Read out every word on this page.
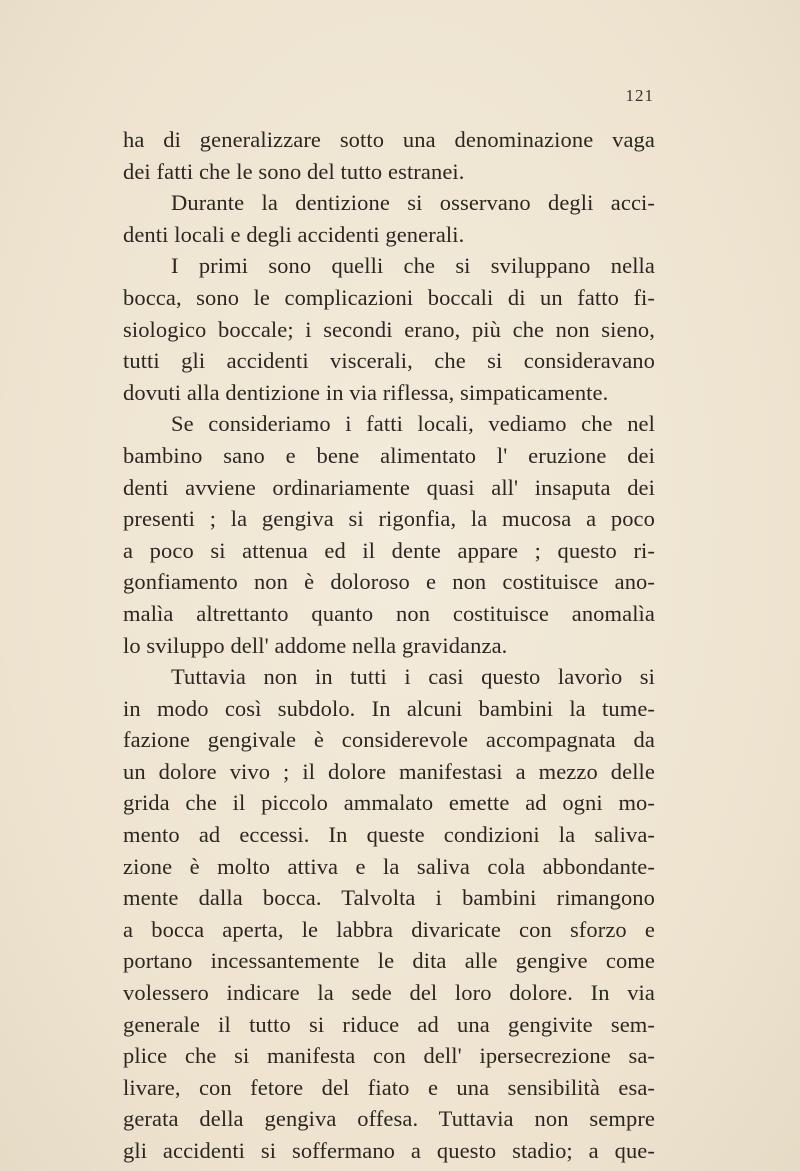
121
ha di generalizzare sotto una denominazione vaga
dei fatti che le sono del tutto estranei.
Durante la dentizione si osservano degli acci-
denti locali e degli accidenti generali.
I primi sono quelli che si sviluppano nella
bocca, sono le complicazioni boccali di un fatto fi-
siologico boccale; i secondi erano, più che non sieno,
tutti gli accidenti viscerali, che si consideravano
dovuti alla dentizione in via riflessa, simpaticamente.
Se consideriamo i fatti locali, vediamo che nel
bambino sano e bene alimentato l' eruzione dei
denti avviene ordinariamente quasi all' insaputa dei
presenti ; la gengiva si rigonfia, la mucosa a poco
a poco si attenua ed il dente appare ; questo ri-
gonfiamento non è doloroso e non costituisce ano-
malìa altrettanto quanto non costituisce anomalìa
lo sviluppo dell' addome nella gravidanza.
Tuttavia non in tutti i casi questo lavorìo si
in modo così subdolo. In alcuni bambini la tume-
fazione gengivale è considerevole accompagnata da
un dolore vivo ; il dolore manifestasi a mezzo delle
grida che il piccolo ammalato emette ad ogni mo-
mento ad eccessi. In queste condizioni la saliva-
zione è molto attiva e la saliva cola abbondante-
mente dalla bocca. Talvolta i bambini rimangono
a bocca aperta, le labbra divaricate con sforzo e
portano incessantemente le dita alle gengive come
volessero indicare la sede del loro dolore. In via
generale il tutto si riduce ad una gengivite sem-
plice che si manifesta con dell' ipersecrezione sa-
livare, con fetore del fiato e una sensibilità esa-
gerata della gengiva offesa. Tuttavia non sempre
gli accidenti si soffermano a questo stadio; a que-
